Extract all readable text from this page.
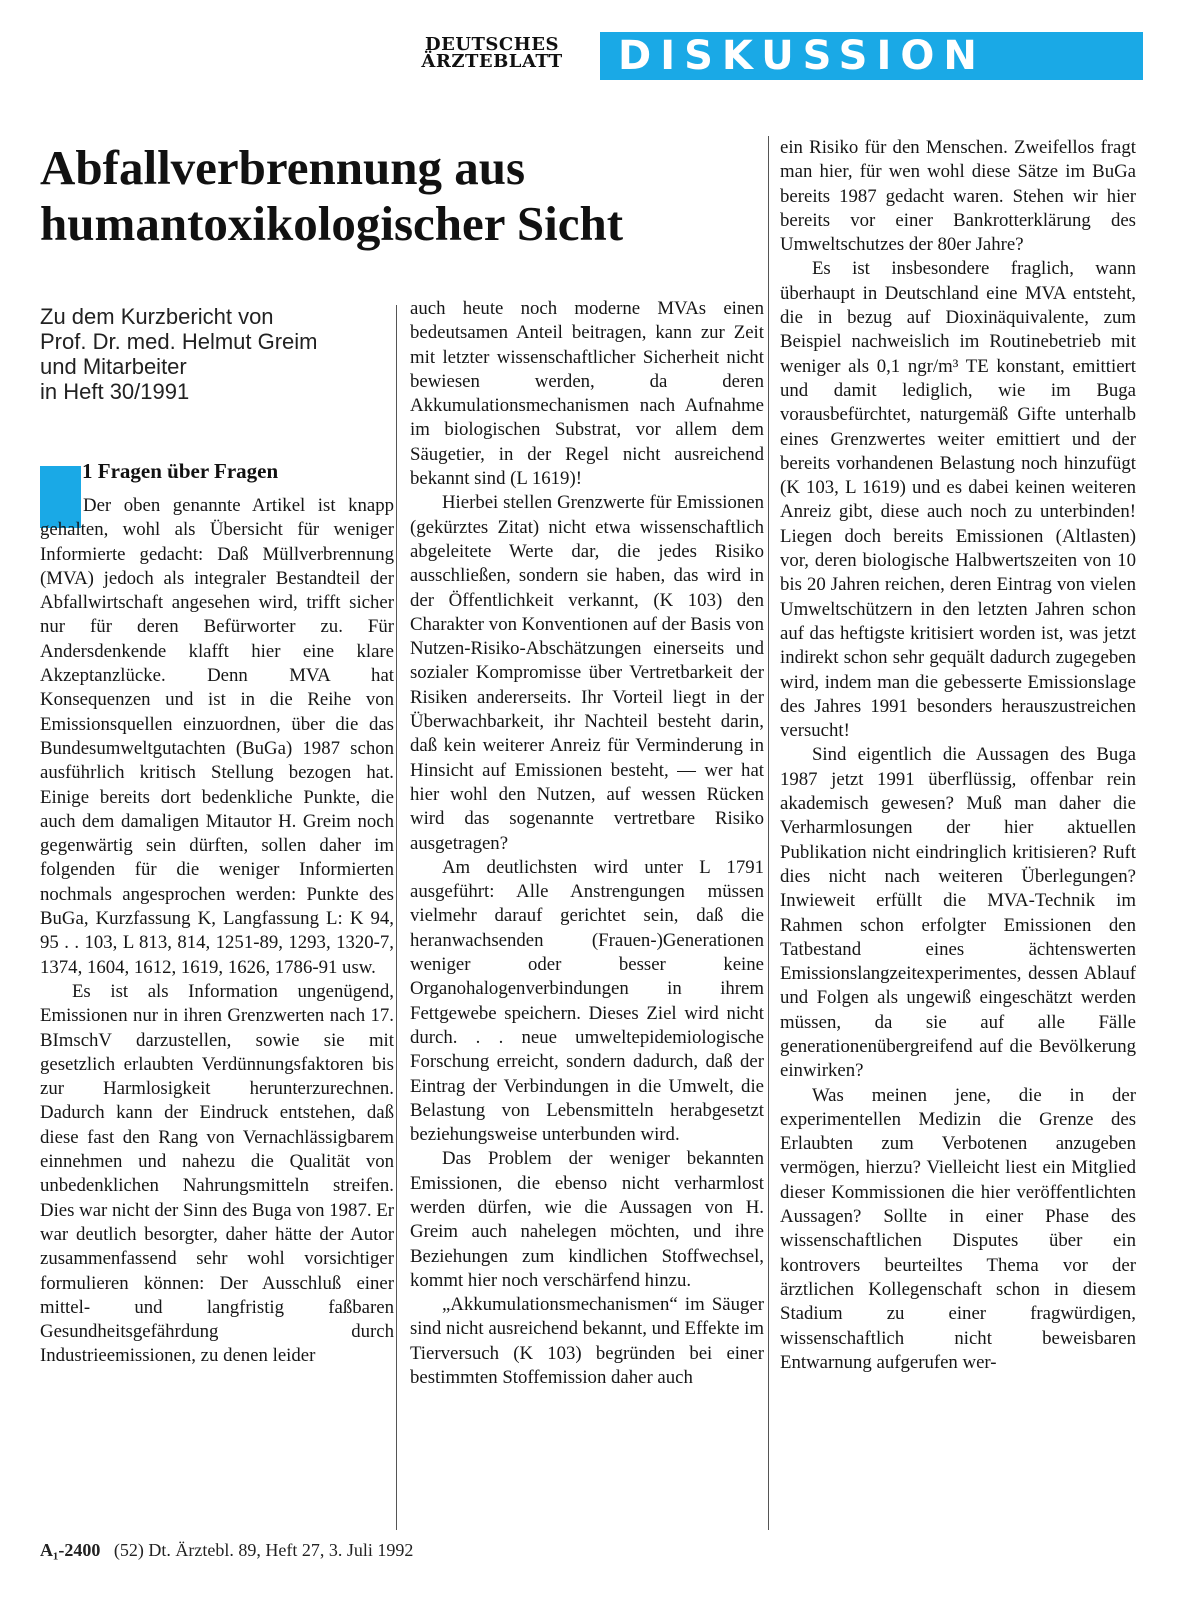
DEUTSCHES
ÄRZTEBLATT DISKUSSION
Abfallverbrennung aus
humantoxikologischer Sicht
Zu dem Kurzbericht von
Prof. Dr. med. Helmut Greim
und Mitarbeiter
in Heft 30/1991
1 Fragen über Fragen

Der oben genannte Artikel ist knapp gehalten, wohl als Übersicht für weniger Informierte gedacht: Daß Müllverbrennung (MVA) jedoch als integraler Bestandteil der Abfallwirtschaft angesehen wird, trifft sicher nur für deren Befürworter zu. Für Andersdenkende klafft hier eine klare Akzeptanzlücke. Denn MVA hat Konsequenzen und ist in die Reihe von Emissionsquellen einzuordnen, über die das Bundesumweltgutachten (BuGa) 1987 schon ausführlich kritisch Stellung bezogen hat. Einige bereits dort bedenkliche Punkte, die auch dem damaligen Mitautor H. Greim noch gegenwärtig sein dürften, sollen daher im folgenden für die weniger Informierten nochmals angesprochen werden: Punkte des BuGa, Kurzfassung K, Langfassung L: K 94, 95 . . 103, L 813, 814, 1251-89, 1293, 1320-7, 1374, 1604, 1612, 1619, 1626, 1786-91 usw.

Es ist als Information ungenügend, Emissionen nur in ihren Grenzwerten nach 17. BImschV darzustellen, sowie sie mit gesetzlich erlaubten Verdünnungsfaktoren bis zur Harmlosigkeit herunterzurechnen. Dadurch kann der Eindruck entstehen, daß diese fast den Rang von Vernachlässigbarem einnehmen und nahezu die Qualität von unbedenklichen Nahrungsmitteln streifen. Dies war nicht der Sinn des Buga von 1987. Er war deutlich besorgter, daher hätte der Autor zusammenfassend sehr wohl vorsichtiger formulieren können: Der Ausschluß einer mittel- und langfristig faßbaren Gesundheitsgefährdung durch Industrieemissionen, zu denen leider

auch heute noch moderne MVAs einen bedeutsamen Anteil beitragen, kann zur Zeit mit letzter wissenschaftlicher Sicherheit nicht bewiesen werden, da deren Akkumulationsmechanismen nach Aufnahme im biologischen Substrat, vor allem dem Säugetier, in der Regel nicht ausreichend bekannt sind (L 1619)!

Hierbei stellen Grenzwerte für Emissionen (gekürztes Zitat) nicht etwa wissenschaftlich abgeleitete Werte dar, die jedes Risiko ausschließen, sondern sie haben, das wird in der Öffentlichkeit verkannt, (K 103) den Charakter von Konventionen auf der Basis von Nutzen-Risiko-Abschätzungen einerseits und sozialer Kompromisse über Vertretbarkeit der Risiken andererseits. Ihr Vorteil liegt in der Überwachbarkeit, ihr Nachteil besteht darin, daß kein weiterer Anreiz für Verminderung in Hinsicht auf Emissionen besteht, — wer hat hier wohl den Nutzen, auf wessen Rücken wird das sogenannte vertretbare Risiko ausgetragen?

Am deutlichsten wird unter L 1791 ausgeführt: Alle Anstrengungen müssen vielmehr darauf gerichtet sein, daß die heranwachsenden (Frauen-)Generationen weniger oder besser keine Organohalogenverbindungen in ihrem Fettgewebe speichern. Dieses Ziel wird nicht durch. . . neue umweltepidemiologische Forschung erreicht, sondern dadurch, daß der Eintrag der Verbindungen in die Umwelt, die Belastung von Lebensmitteln herabgesetzt beziehungsweise unterbunden wird.

Das Problem der weniger bekannten Emissionen, die ebenso nicht verharmlost werden dürfen, wie die Aussagen von H. Greim auch nahelegen möchten, und ihre Beziehungen zum kindlichen Stoffwechsel, kommt hier noch verschärfend hinzu.

„Akkumulationsmechanismen“ im Säuger sind nicht ausreichend bekannt, und Effekte im Tierversuch (K 103) begründen bei einer bestimmten Stoffemission daher auch

ein Risiko für den Menschen. Zweifellos fragt man hier, für wen wohl diese Sätze im BuGa bereits 1987 gedacht waren. Stehen wir hier bereits vor einer Bankrotterklärung des Umweltschutzes der 80er Jahre?

Es ist insbesondere fraglich, wann überhaupt in Deutschland eine MVA entsteht, die in bezug auf Dioxinäquivalente, zum Beispiel nachweislich im Routinebetrieb mit weniger als 0,1 ngr/m³ TE konstant, emittiert und damit lediglich, wie im Buga vorausbefürchtet, naturgemäß Gifte unterhalb eines Grenzwertes weiter emittiert und der bereits vorhandenen Belastung noch hinzufügt (K 103, L 1619) und es dabei keinen weiteren Anreiz gibt, diese auch noch zu unterbinden! Liegen doch bereits Emissionen (Altlasten) vor, deren biologische Halbwertszeiten von 10 bis 20 Jahren reichen, deren Eintrag von vielen Umweltschützern in den letzten Jahren schon auf das heftigste kritisiert worden ist, was jetzt indirekt schon sehr gequält dadurch zugegeben wird, indem man die gebesserte Emissionslage des Jahres 1991 besonders herauszustreichen versucht!

Sind eigentlich die Aussagen des Buga 1987 jetzt 1991 überflüssig, offenbar rein akademisch gewesen? Muß man daher die Verharmlosungen der hier aktuellen Publikation nicht eindringlich kritisieren? Ruft dies nicht nach weiteren Überlegungen? Inwieweit erfüllt die MVA-Technik im Rahmen schon erfolgter Emissionen den Tatbestand eines ächtenswerten Emissionslangzeitexperimentes, dessen Ablauf und Folgen als ungewiß eingeschätzt werden müssen, da sie auf alle Fälle generationenübergreifend auf die Bevölkerung einwirken?

Was meinen jene, die in der experimentellen Medizin die Grenze des Erlaubten zum Verbotenen anzugeben vermögen, hierzu? Vielleicht liest ein Mitglied dieser Kommissionen die hier veröffentlichten Aussagen? Sollte in einer Phase des wissenschaftlichen Disputes über ein kontrovers beurteiltes Thema vor der ärztlichen Kollegenschaft schon in diesem Stadium zu einer fragwürdigen, wissenschaftlich nicht beweisbaren Entwarnung aufgerufen wer-

A₁-2400 (52) Dt. Ärztebl. 89, Heft 27, 3. Juli 1992
